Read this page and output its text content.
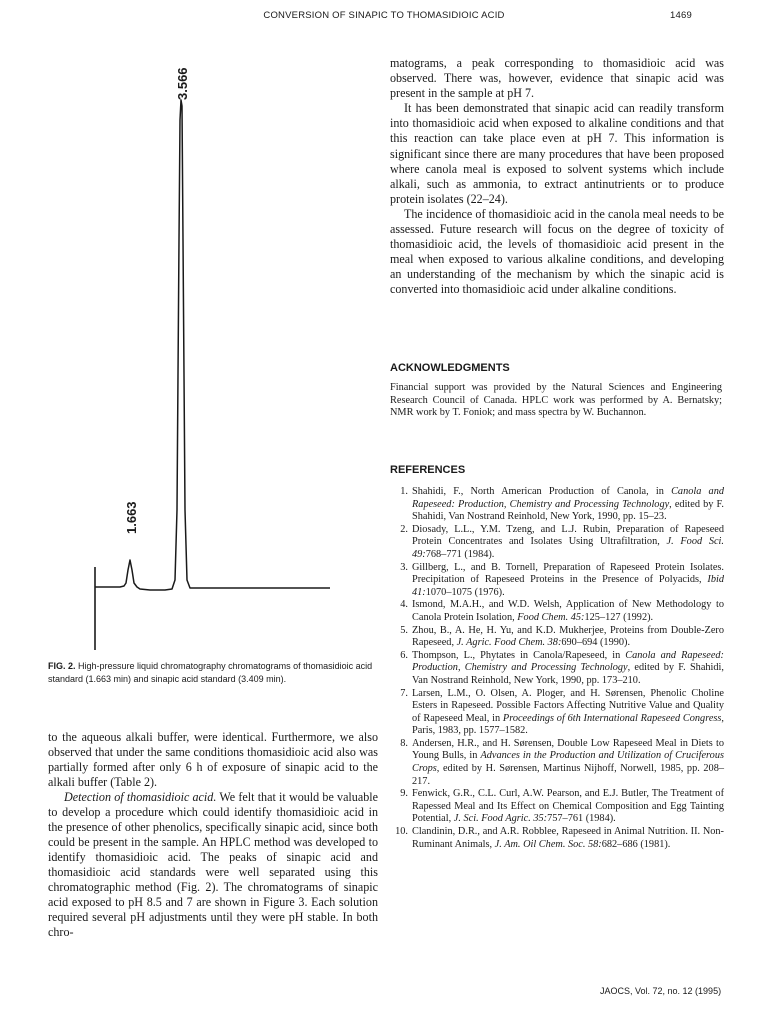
CONVERSION OF SINAPIC TO THOMASIDIOIC ACID	1469
1.663
3.566
FIG. 2. High-pressure liquid chromatography chromatograms of thomasidioic acid standard (1.663 min) and sinapic acid standard (3.409 min).

to the aqueous alkali buffer, were identical. Furthermore, we also observed that under the same conditions thomasidioic acid also was partially formed after only 6 h of exposure of sinapic acid to the alkali buffer (Table 2).

Detection of thomasidioic acid. We felt that it would be valuable to develop a procedure which could identify thomasidioic acid in the presence of other phenolics, specifically sinapic acid, since both could be present in the sample. An HPLC method was developed to identify thomasidioic acid. The peaks of sinapic acid and thomasidioic acid standards were well separated using this chromatographic method (Fig. 2). The chromatograms of sinapic acid exposed to pH 8.5 and 7 are shown in Figure 3. Each solution required several pH adjustments until they were pH stable. In both chro-

matograms, a peak corresponding to thomasidioic acid was observed. There was, however, evidence that sinapic acid was present in the sample at pH 7.

It has been demonstrated that sinapic acid can readily transform into thomasidioic acid when exposed to alkaline conditions and that this reaction can take place even at pH 7. This information is significant since there are many procedures that have been proposed where canola meal is exposed to solvent systems which include alkali, such as ammonia, to extract antinutrients or to produce protein isolates (22–24).

The incidence of thomasidioic acid in the canola meal needs to be assessed. Future research will focus on the degree of toxicity of thomasidioic acid, the levels of thomasidioic acid present in the meal when exposed to various alkaline conditions, and developing an understanding of the mechanism by which the sinapic acid is converted into thomasidioic acid under alkaline conditions.

ACKNOWLEDGMENTS
Financial support was provided by the Natural Sciences and Engineering Research Council of Canada. HPLC work was performed by A. Bernatsky; NMR work by T. Foniok; and mass spectra by W. Buchannon.
REFERENCES
1. Shahidi, F., North American Production of Canola, in Canola and Rapeseed: Production, Chemistry and Processing Technology, edited by F. Shahidi, Van Nostrand Reinhold, New York, 1990, pp. 15–23.
2. Diosady, L.L., Y.M. Tzeng, and L.J. Rubin, Preparation of Rapeseed Protein Concentrates and Isolates Using Ultrafiltration, J. Food Sci. 49:768–771 (1984).
3. Gillberg, L., and B. Tornell, Preparation of Rapeseed Protein Isolates. Precipitation of Rapeseed Proteins in the Presence of Polyacids, Ibid 41:1070–1075 (1976).
4. Ismond, M.A.H., and W.D. Welsh, Application of New Methodology to Canola Protein Isolation, Food Chem. 45:125–127 (1992).
5. Zhou, B., A. He, H. Yu, and K.D. Mukherjee, Proteins from Double-Zero Rapeseed, J. Agric. Food Chem. 38:690–694 (1990).
6. Thompson, L., Phytates in Canola/Rapeseed, in Canola and Rapeseed: Production, Chemistry and Processing Technology, edited by F. Shahidi, Van Nostrand Reinhold, New York, 1990, pp. 173–210.
7. Larsen, L.M., O. Olsen, A. Ploger, and H. Sørensen, Phenolic Choline Esters in Rapeseed. Possible Factors Affecting Nutritive Value and Quality of Rapeseed Meal, in Proceedings of 6th International Rapeseed Congress, Paris, 1983, pp. 1577–1582.
8. Andersen, H.R., and H. Sørensen, Double Low Rapeseed Meal in Diets to Young Bulls, in Advances in the Production and Utilization of Cruciferous Crops, edited by H. Sørensen, Martinus Nijhoff, Norwell, 1985, pp. 208–217.
9. Fenwick, G.R., C.L. Curl, A.W. Pearson, and E.J. Butler, The Treatment of Rapessed Meal and Its Effect on Chemical Composition and Egg Tainting Potential, J. Sci. Food Agric. 35:757–761 (1984).
10. Clandinin, D.R., and A.R. Robblee, Rapeseed in Animal Nutrition. II. Non-Ruminant Animals, J. Am. Oil Chem. Soc. 58:682–686 (1981).
JAOCS, Vol. 72, no. 12 (1995)
